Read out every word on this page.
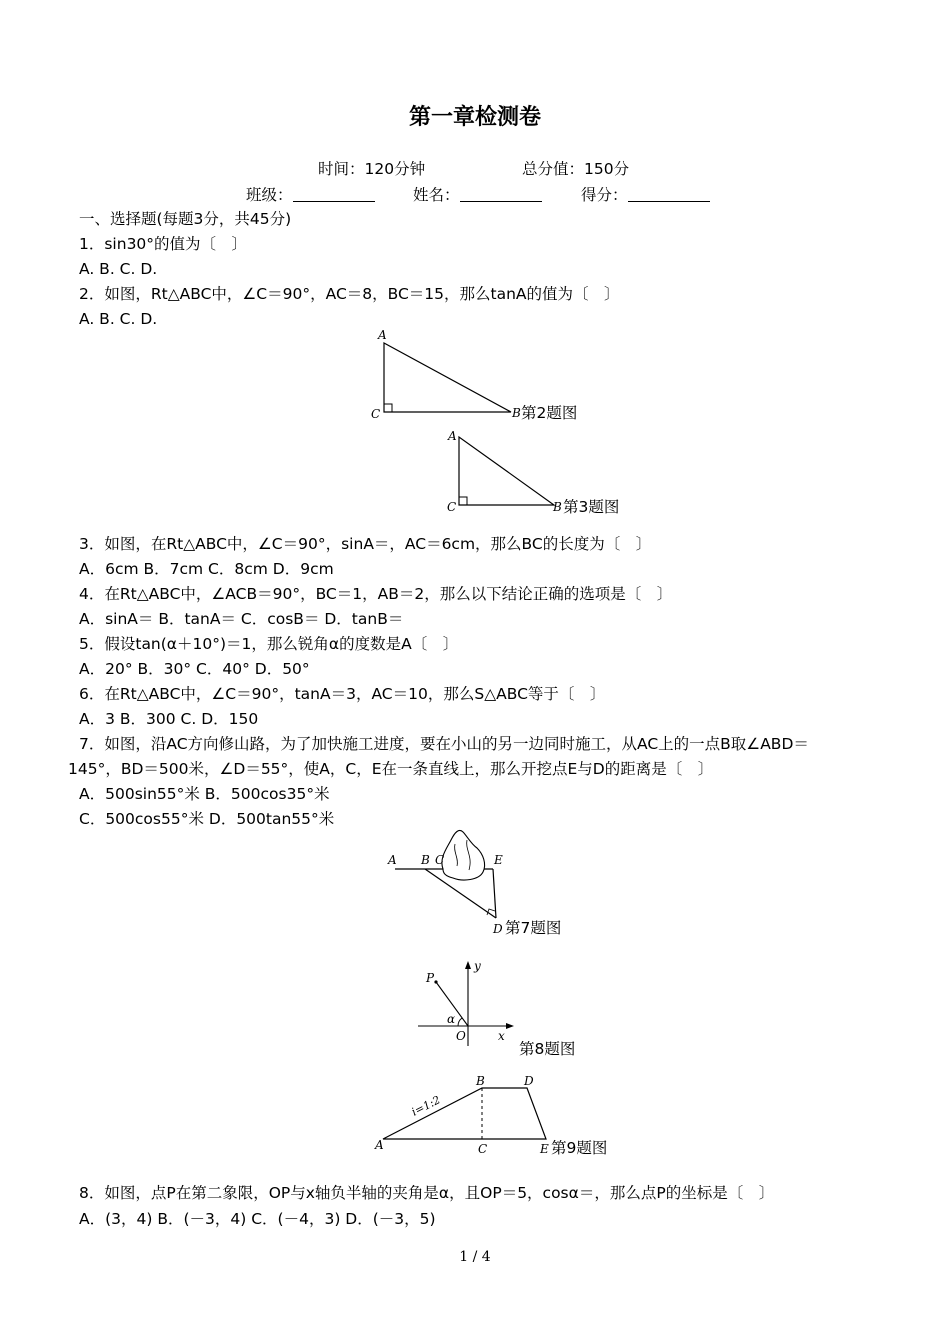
第一章检测卷
时间：120分钟	总分值：150分
班级：	姓名：	得分：
一、选择题(每题3分，共45分)
1．sin30°的值为〔　〕
A. B. C. D.
2．如图，Rt△ABC中，∠C＝90°，AC＝8，BC＝15，那么tanA的值为〔　〕
A. B. C. D.
A
B
C	第2题图
A
B
C	第3题图
3．如图，在Rt△ABC中，∠C＝90°，sinA＝，AC＝6cm，那么BC的长度为〔　〕
A．6cm B．7cm C．8cm D．9cm
4．在Rt△ABC中，∠ACB＝90°，BC＝1，AB＝2，那么以下结论正确的选项是〔　〕
A．sinA＝ B．tanA＝ C．cosB＝ D．tanB＝
5．假设tan(α＋10°)＝1，那么锐角α的度数是A〔　〕
A．20° B．30° C．40° D．50°
6．在Rt△ABC中，∠C＝90°，tanA＝3，AC＝10，那么S△ABC等于〔　〕
A．3 B．300 C. D．150
7．如图，沿AC方向修山路，为了加快施工进度，要在小山的另一边同时施工，从AC上的一点B取∠ABD＝
145°，BD＝500米，∠D＝55°，使A，C，E在一条直线上，那么开挖点E与D的距离是〔　〕
A．500sin55°米 B．500cos35°米
C．500cos55°米 D．500tan55°米
A B C	E
D 第7题图
P
y
x
O
α
第8题图
A
B	D
C	E
i=1:2
第9题图
8．如图，点P在第二象限，OP与x轴负半轴的夹角是α，且OP＝5，cosα＝，那么点P的坐标是〔　〕
A．(3，4) B．(－3，4) C．(－4，3) D．(－3，5)
1 / 4
